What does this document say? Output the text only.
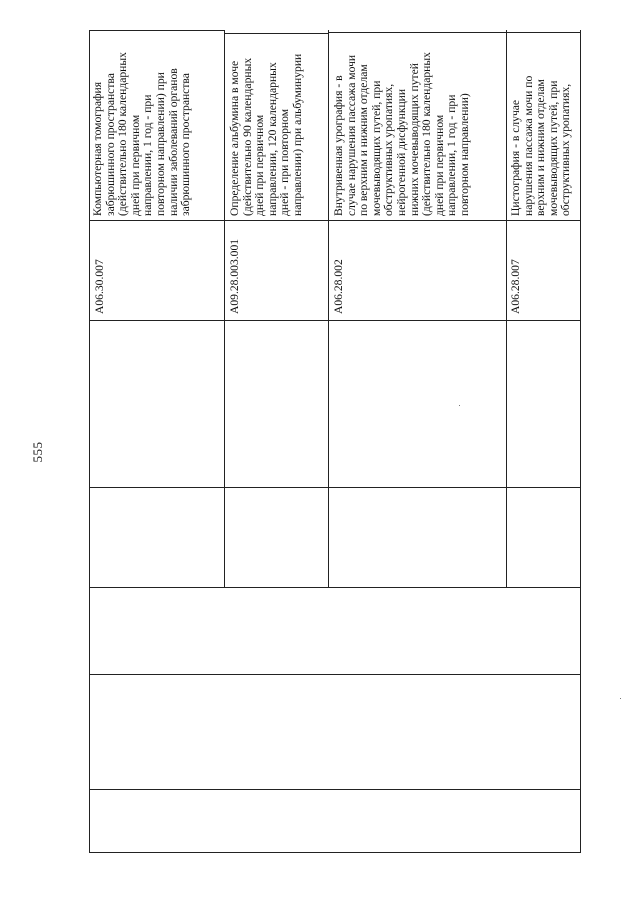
555
Компьютерная томография
забрюшинного пространства
(действительно 180 календарных
дней при первичном
направлении, 1 год - при
повторном направлении) при
наличии заболеваний органов
забрюшинного пространства
A06.30.007
Определение альбумина в моче
(действительно 90 календарных
дней при первичном
направлении, 120 календарных
дней - при повторном
направлении) при альбуминурии
A09.28.003.001
Внутривенная урография - в
случае нарушения пассажа мочи
по верхним и нижним отделам
мочевыводящих путей, при
обструктивных уропатиях,
нейрогенной дисфункции
нижних мочевыводящих путей
(действительно 180 календарных
дней при первичном
направлении, 1 год - при
повторном направлении)
A06.28.002
Цистография - в случае
нарушения пассажа мочи по
верхним и нижним отделам
мочевыводящих путей, при
обструктивных уропатиях,
A06.28.007
